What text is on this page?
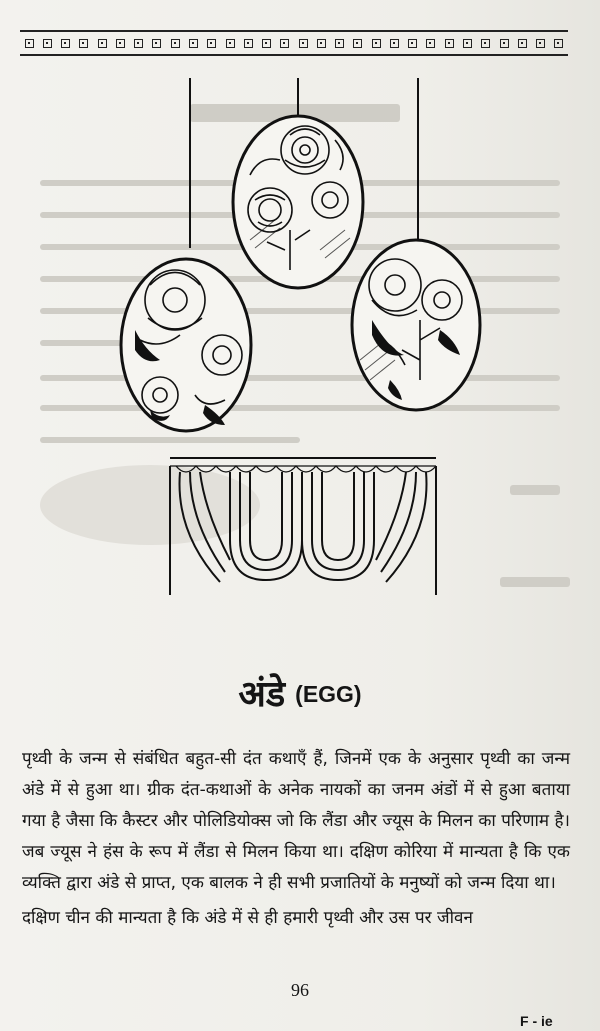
अंडे (EGG)

पृथ्वी के जन्म से संबंधित बहुत-सी दंत कथाएँ हैं, जिनमें एक के अनुसार पृथ्वी का जन्म अंडे में से हुआ था। ग्रीक दंत-कथाओं के अनेक नायकों का जनम अंडों में से हुआ बताया गया है जैसा कि कैस्टर और पोलिडियोक्स जो कि लैंडा और ज्यूस के मिलन का परिणाम है। जब ज्यूस ने हंस के रूप में लैंडा से मिलन किया था। दक्षिण कोरिया में मान्यता है कि एक व्यक्ति द्वारा अंडे से प्राप्त, एक बालक ने ही सभी प्रजातियों के मनुष्यों को जन्म दिया था।

दक्षिण चीन की मान्यता है कि अंडे में से ही हमारी पृथ्वी और उस पर जीवन

96
F - ie
